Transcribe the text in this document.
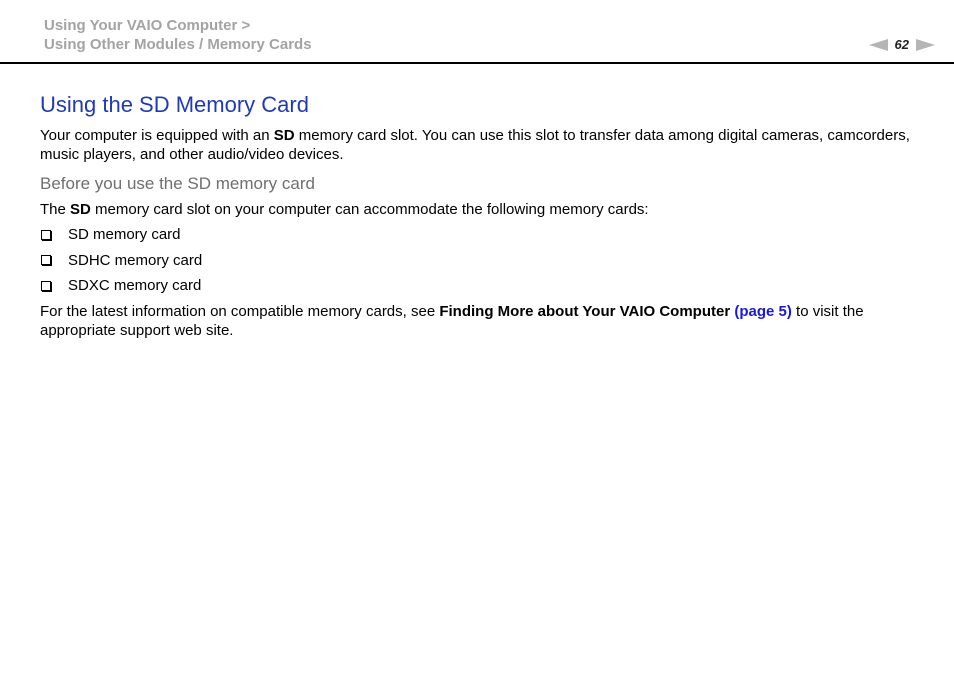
Using Your VAIO Computer >
Using Other Modules / Memory Cards	62
Using the SD Memory Card

Your computer is equipped with an SD memory card slot. You can use this slot to transfer data among digital cameras, camcorders, music players, and other audio/video devices.

Before you use the SD memory card

The SD memory card slot on your computer can accommodate the following memory cards:

SD memory card
SDHC memory card
SDXC memory card

For the latest information on compatible memory cards, see Finding More about Your VAIO Computer (page 5) to visit the appropriate support web site.
